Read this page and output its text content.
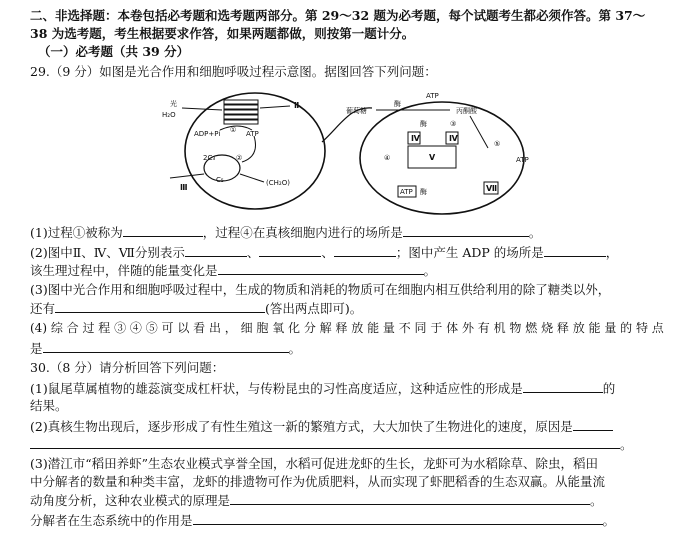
二、非选择题：本卷包括必考题和选考题两部分。第 29～32 题为必考题，每个试题考生都必须作答。第 37～
38 为选考题，考生根据要求作答，如果两题都做，则按第一题计分。
（一）必考题（共 39 分）
29.（9 分）如图是光合作用和细胞呼吸过程示意图。据图回答下列问题：
光
H₂O
Ⅱ
ADP+Pi	ATP
①
2C₃
C₅
②
(CH₂O)
Ⅲ
葡萄糖
酶
ATP
丙酮酸
③
酶
Ⅴ
Ⅳ	Ⅳ
④
ATP 酶
⑤
ATP
Ⅶ
(1)过程①被称为	，过程④在真核细胞内进行的场所是	。
(2)图中Ⅱ、Ⅳ、Ⅶ分别表示	、	、	；图中产生 ADP 的场所是	，
该生理过程中，伴随的能量变化是	。
(3)图中光合作用和细胞呼吸过程中，生成的物质和消耗的物质可在细胞内相互供给利用的除了糖类以外，
还有	(答出两点即可)。
(4) 综 合 过 程 ③ ④ ⑤ 可 以 看 出 ， 细 胞 氧 化 分 解 释 放 能 量 不 同 于 体 外 有 机 物 燃 烧 释 放 能 量 的 特 点
是	。
30.（8 分）请分析回答下列问题：
(1)鼠尾草属植物的雄蕊演变成杠杆状，与传粉昆虫的习性高度适应，这种适应性的形成是	的
结果。
(2)真核生物出现后，逐步形成了有性生殖这一新的繁殖方式，大大加快了生物进化的速度，原因是
。
(3)潜江市“稻田养虾”生态农业模式享誉全国，水稻可促进龙虾的生长，龙虾可为水稻除草、除虫，稻田
中分解者的数量和种类丰富，龙虾的排遗物可作为优质肥料，从而实现了虾肥稻香的生态双赢。从能量流
动角度分析，这种农业模式的原理是	。
分解者在生态系统中的作用是	。
